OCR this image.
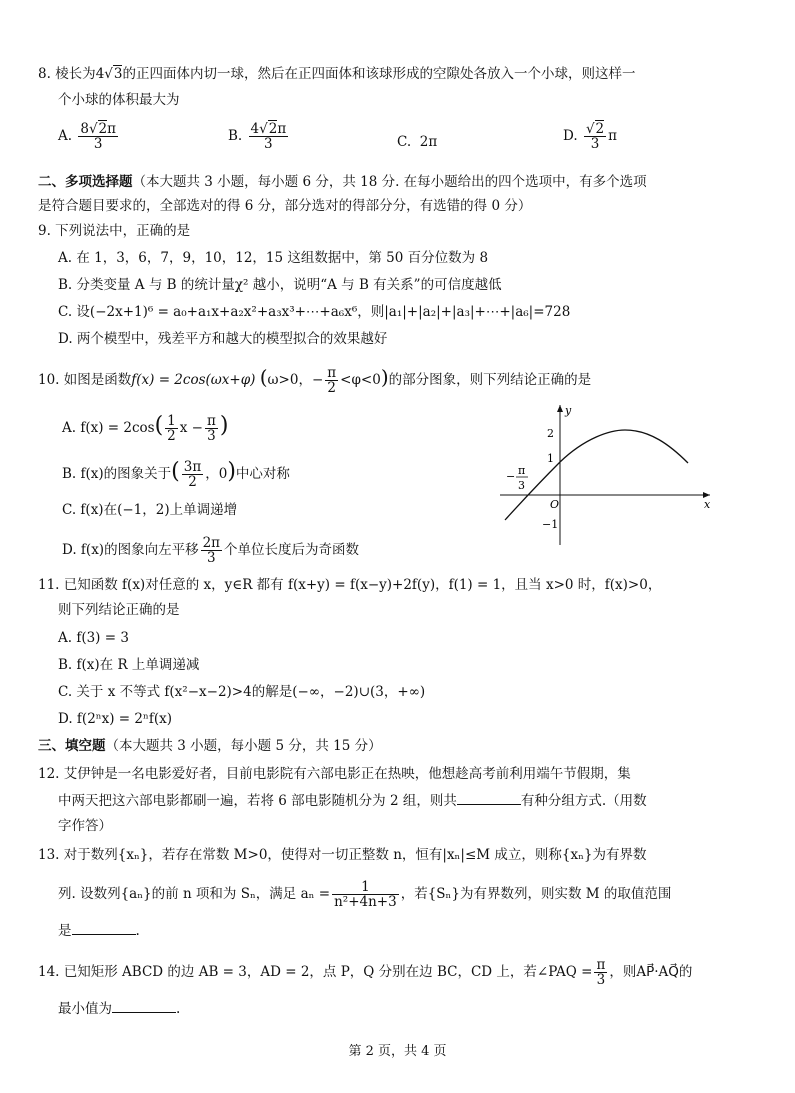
8. 棱长为4√3的正四面体内切一球，然后在正四面体和该球形成的空隙处各放入一个小球，则这样一
个小球的体积最大为
A. $\frac{8√2\pi}{3}$	B. $\frac{4√2\pi}{3}$	C. 2π	D. $\frac{√2}{3}$ π
二、多项选择题（本大题共 3 小题，每小题 6 分，共 18 分. 在每小题给出的四个选项中，有多个选项
是符合题目要求的，全部选对的得 6 分，部分选对的得部分分，有选错的得 0 分）
9. 下列说法中，正确的是
A. 在 1，3，6，7，9，10，12，15 这组数据中，第 50 百分位数为 8
B. 分类变量 A 与 B 的统计量χ² 越小，说明“A 与 B 有关系”的可信度越低
C. 设(−2x+1)⁶ = a₀+a₁x+a₂x²+a₃x³+⋯+a₆x⁶，则|a₁|+|a₂|+|a₃|+⋯+|a₆|=728
D. 两个模型中，残差平方和越大的模型拟合的效果越好
10. 如图是函数f(x) = 2cos(ωx+φ) (ω>0，− $\frac{\pi}{2} <\varphi<0$)的部分图象，则下列结论正确的是
A. $f(x) = 2\cos( \frac{1}{2}$ $x - \frac{\pi}{3}$ )
B. f(x)的图象关于( $\frac{3\pi}{2}$ ，0)中心对称
C. f(x)在(−1，2)上单调递增
D. f(x)的图象向左平移 $\frac{2\pi}{3}$ 个单位长度后为奇函数
y
x
O
2
1
−1
− π
3
11. 已知函数 f(x)对任意的 x，y∈R 都有 f(x+y) = f(x−y)+2f(y)，f(1) = 1，且当 x>0 时，f(x)>0，
则下列结论正确的是
A. f(3) = 3
B. f(x)在 R 上单调递减
C. 关于 x 不等式 f(x²−x−2)>4的解是(−∞，−2)∪(3，+∞)
D. f(2ⁿx) = 2ⁿf(x)
三、填空题（本大题共 3 小题，每小题 5 分，共 15 分）
12. 艾伊钟是一名电影爱好者，目前电影院有六部电影正在热映，他想趁高考前利用端午节假期，集
中两天把这六部电影都刷一遍，若将 6 部电影随机分为 2 组，则共	有种分组方式.（用数
字作答）
13. 对于数列{xₙ}，若存在常数 M>0，使得对一切正整数 n，恒有|xₙ|≤M 成立，则称{xₙ}为有界数
列. 设数列{aₙ}的前 n 项和为 Sₙ，满足 $a_n = \frac{1}{\text{n²+4n+3}}$ ，若{Sₙ}为有界数列，则实数 M 的取值范围
是	.
14. 已知矩形 ABCD 的边 AB = 3，AD = 2，点 P，Q 分别在边 BC，CD 上，若∠PAQ = $\frac{\pi}{3}$ ，则AP⃗·AQ⃗的
最小值为	.
第 2 页，共 4 页
